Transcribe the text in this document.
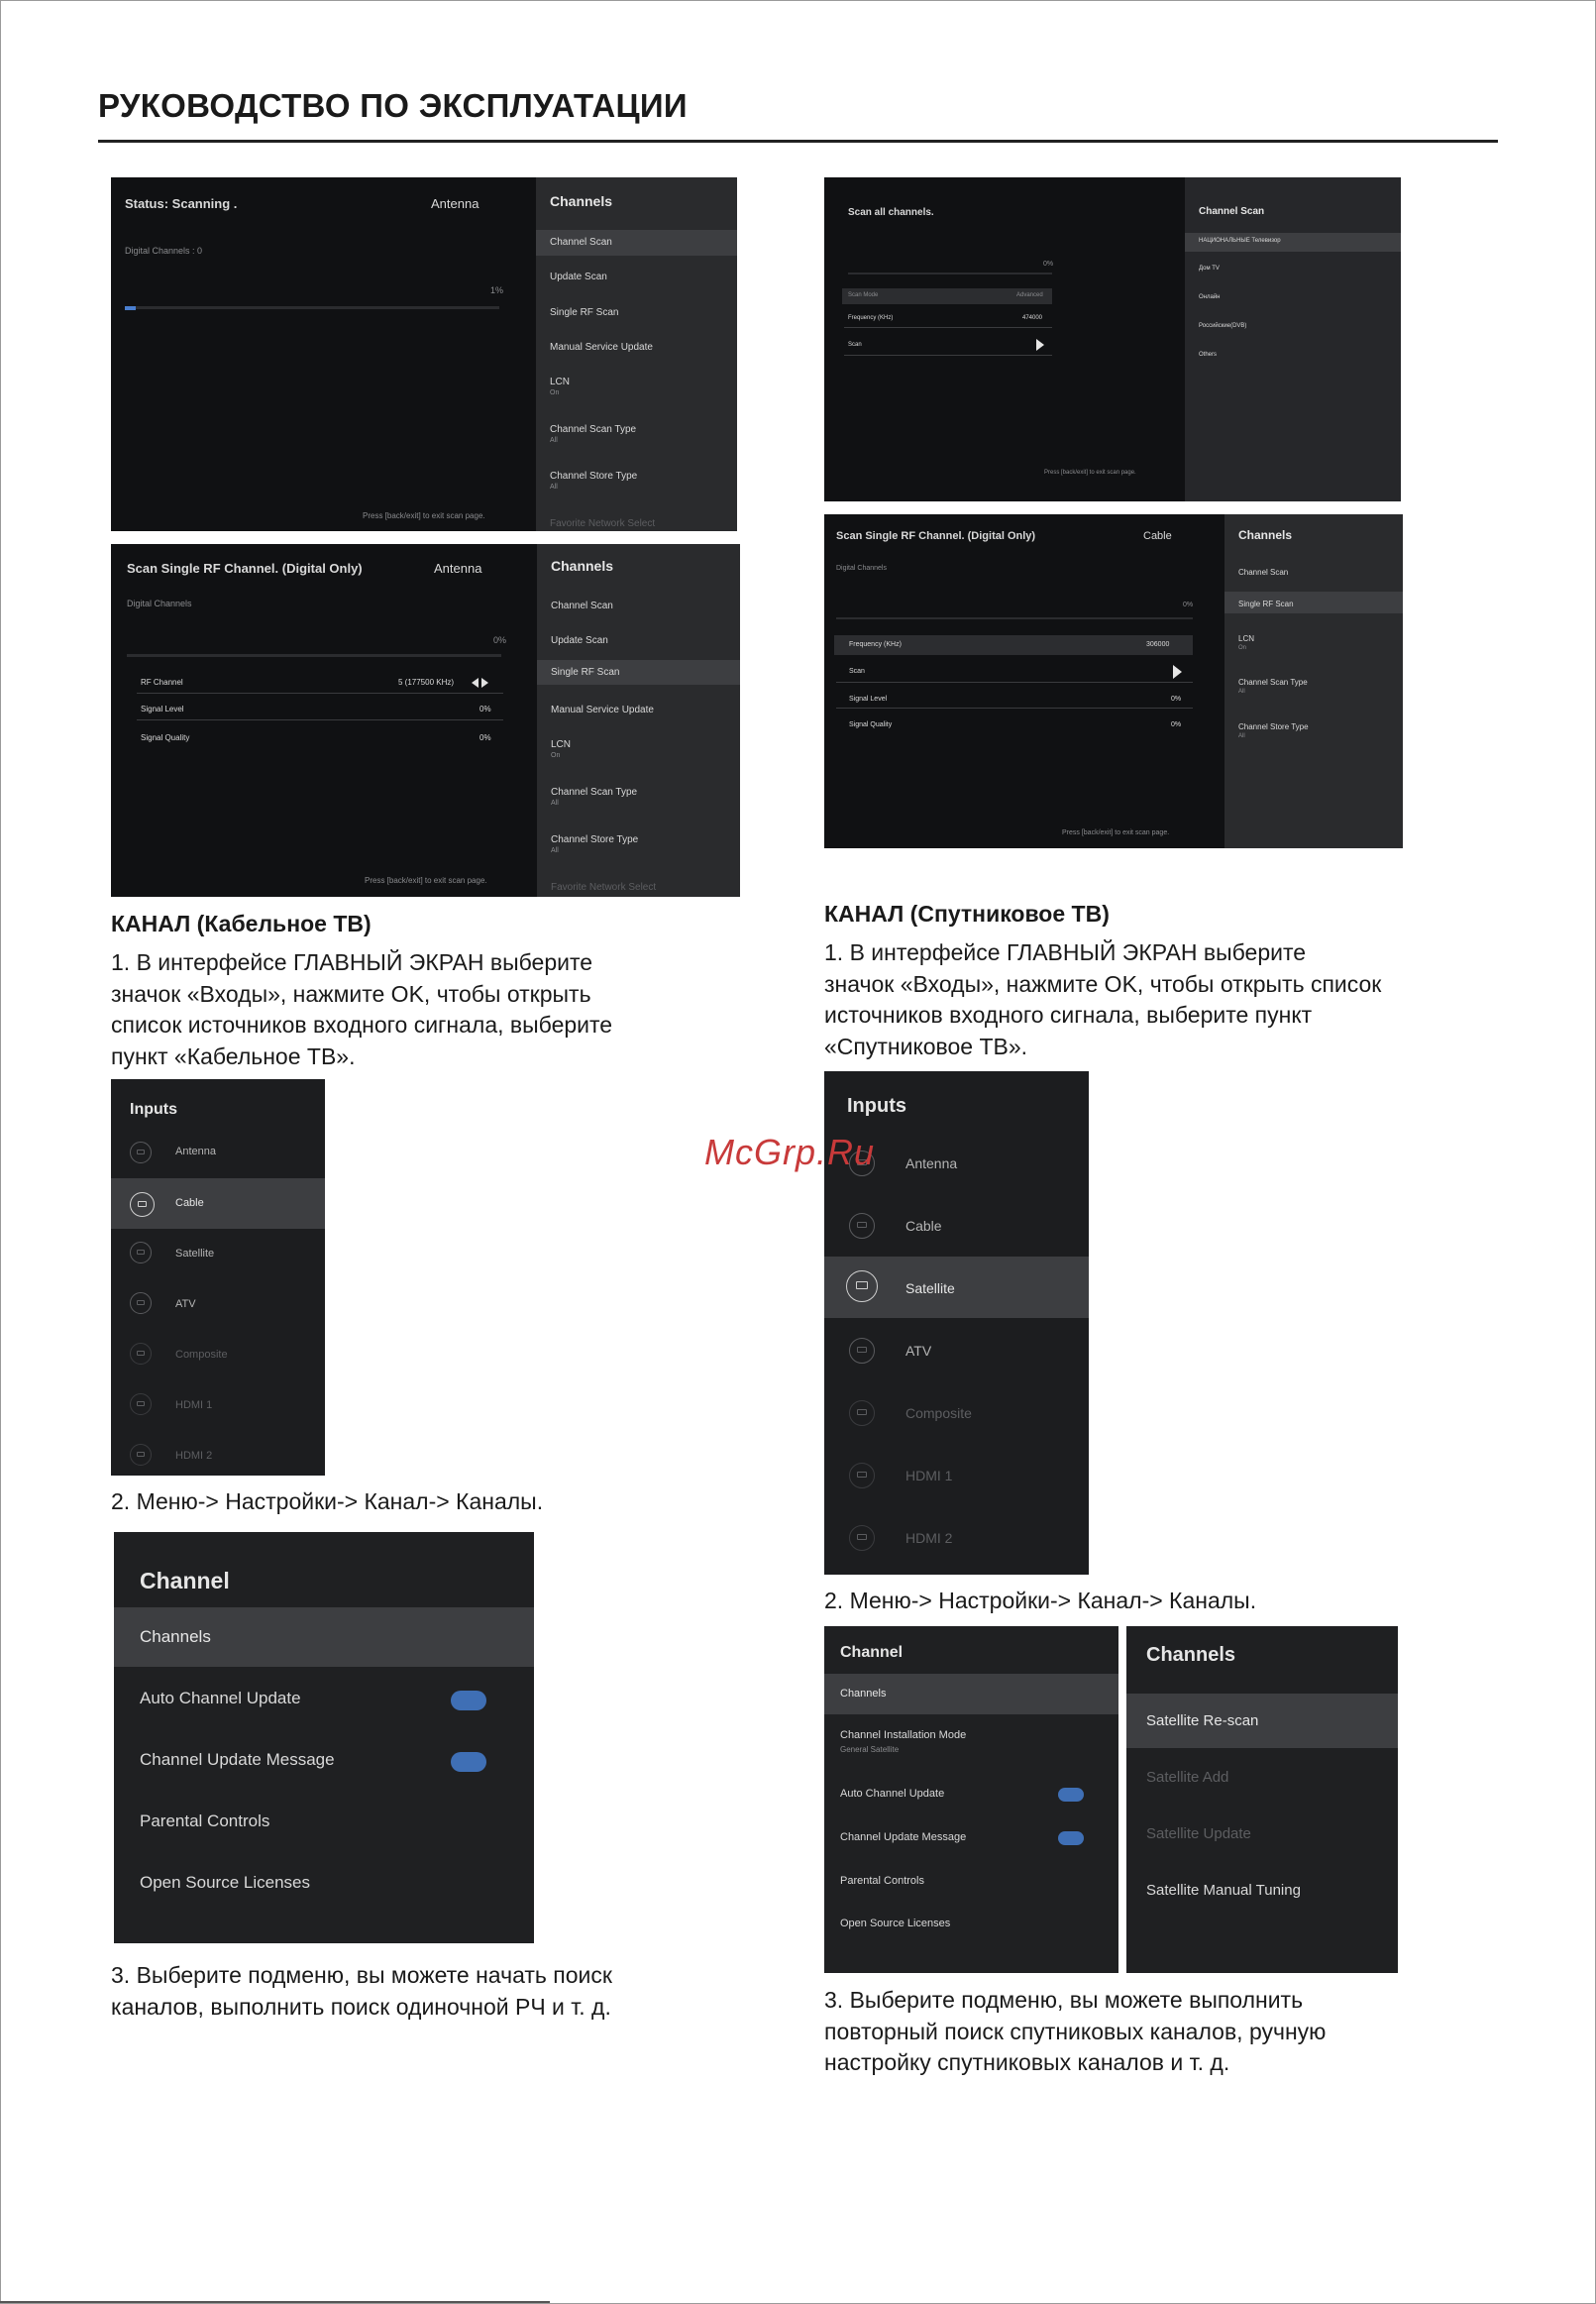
РУКОВОДСТВО ПО ЭКСПЛУАТАЦИИ
Status: Scanning .	Antenna
Digital Channels : 0
1%
Press [back/exit] to exit scan page.
Channels
Channel Scan
Update Scan
Single RF Scan
Manual Service Update
LCN
On
Channel Scan Type
All
Channel Store Type
All
Favorite Network Select
Scan Single RF Channel. (Digital Only)	Antenna
Digital Channels
0%
RF Channel	5 (177500 KHz)
Signal Level	0%
Signal Quality	0%
Press [back/exit] to exit scan page.
Channels
Channel Scan
Update Scan
Single RF Scan
Manual Service Update
LCN
On
Channel Scan Type
All
Channel Store Type
All
Favorite Network Select
Scan all channels.
0%
Scan Mode	Advanced
Frequency (KHz)	474000
Scan
Press [back/exit] to exit scan page.
Channel Scan
НАЦИОНАЛЬНЫЕ Телевизор
Дом TV
Онлайн
Российские(DVB)
Others
Scan Single RF Channel. (Digital Only)	Cable
Digital Channels
0%
Frequency (KHz)	306000
Scan
Signal Level	0%
Signal Quality	0%
Press [back/exit] to exit scan page.
Channels
Channel Scan
Single RF Scan
LCN
On
Channel Scan Type
All
Channel Store Type
All
КАНАЛ (Кабельное ТВ)
1. В интерфейсе ГЛАВНЫЙ ЭКРАН выберите
значок «Входы», нажмите OK, чтобы открыть
список источников входного сигнала, выберите
пункт «Кабельное ТВ».
Inputs
Antenna
Cable
Satellite
ATV
Composite
HDMI 1
HDMI 2
2. Меню-> Настройки-> Канал-> Каналы.
Channel
Channels
Auto Channel Update
Channel Update Message
Parental Controls
Open Source Licenses
3. Выберите подменю, вы можете начать поиск
каналов, выполнить поиск одиночной РЧ и т. д.
КАНАЛ (Спутниковое ТВ)
1. В интерфейсе ГЛАВНЫЙ ЭКРАН выберите
значок «Входы», нажмите OK, чтобы открыть список
источников входного сигнала, выберите пункт
«Спутниковое ТВ».
Inputs
Antenna
Cable
Satellite
ATV
Composite
HDMI 1
HDMI 2
2. Меню-> Настройки-> Канал-> Каналы.
Channel
Channels
Channel Installation Mode
General Satellite
Auto Channel Update
Channel Update Message
Parental Controls
Open Source Licenses
Channels
Satellite Re-scan
Satellite Add
Satellite Update
Satellite Manual Tuning
3. Выберите подменю, вы можете выполнить
повторный поиск спутниковых каналов, ручную
настройку спутниковых каналов и т. д.
McGrp.Ru
